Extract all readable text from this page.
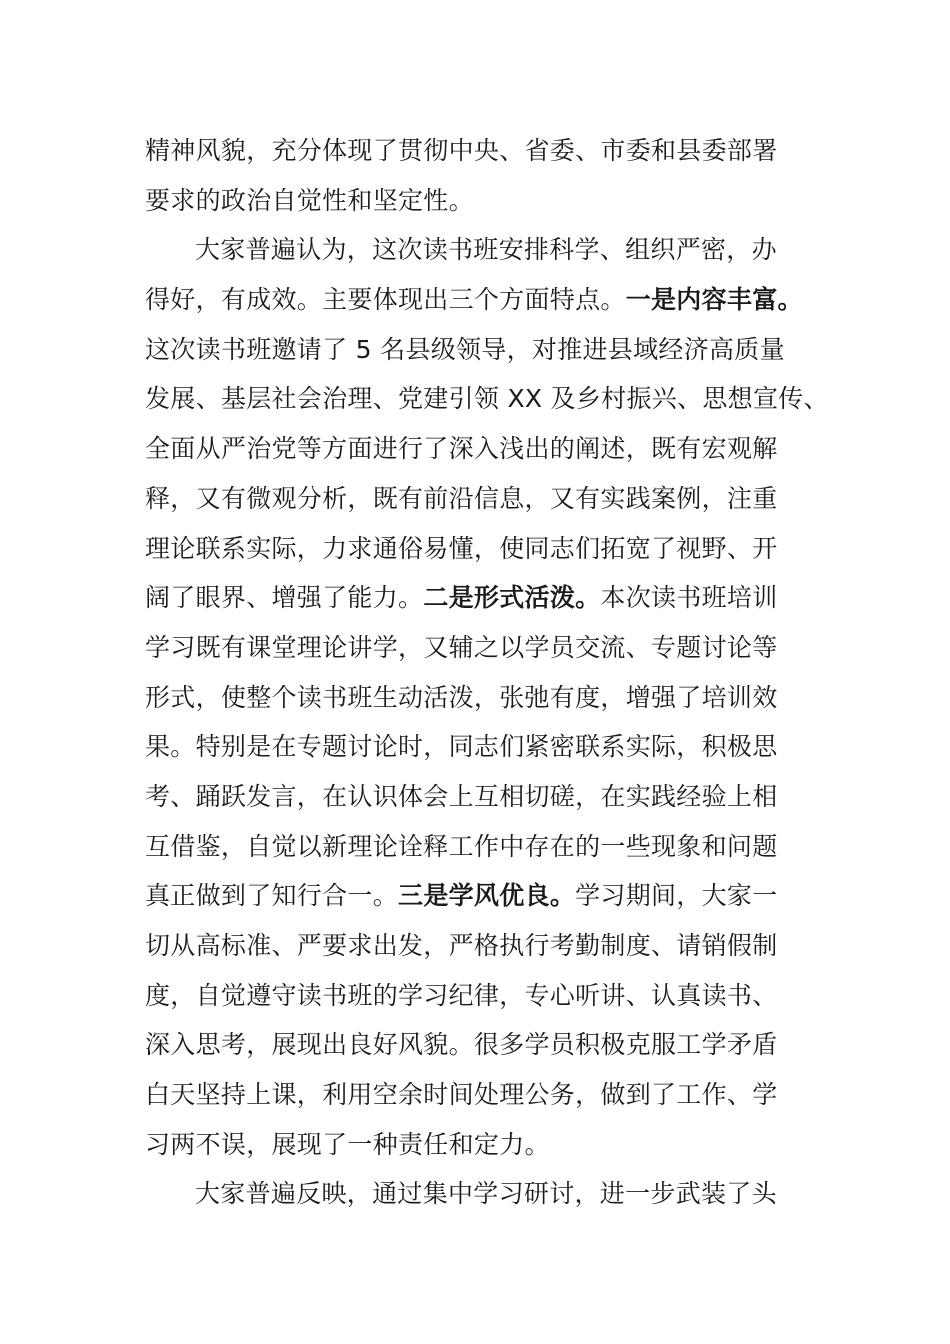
精神风貌，充分体现了贯彻中央、省委、市委和县委部署
要求的政治自觉性和坚定性。
大家普遍认为，这次读书班安排科学、组织严密，办
得好，有成效。主要体现出三个方面特点。一是内容丰富。
这次读书班邀请了 5 名县级领导，对推进县域经济高质量
发展、基层社会治理、党建引领 XX 及乡村振兴、思想宣传、
全面从严治党等方面进行了深入浅出的阐述，既有宏观解
释，又有微观分析，既有前沿信息，又有实践案例，注重
理论联系实际，力求通俗易懂，使同志们拓宽了视野、开
阔了眼界、增强了能力。二是形式活泼。本次读书班培训
学习既有课堂理论讲学，又辅之以学员交流、专题讨论等
形式，使整个读书班生动活泼，张弛有度，增强了培训效
果。特别是在专题讨论时，同志们紧密联系实际，积极思
考、踊跃发言，在认识体会上互相切磋，在实践经验上相
互借鉴，自觉以新理论诠释工作中存在的一些现象和问题
真正做到了知行合一。三是学风优良。学习期间，大家一
切从高标准、严要求出发，严格执行考勤制度、请销假制
度，自觉遵守读书班的学习纪律，专心听讲、认真读书、
深入思考，展现出良好风貌。很多学员积极克服工学矛盾
白天坚持上课，利用空余时间处理公务，做到了工作、学
习两不误，展现了一种责任和定力。
大家普遍反映，通过集中学习研讨，进一步武装了头
